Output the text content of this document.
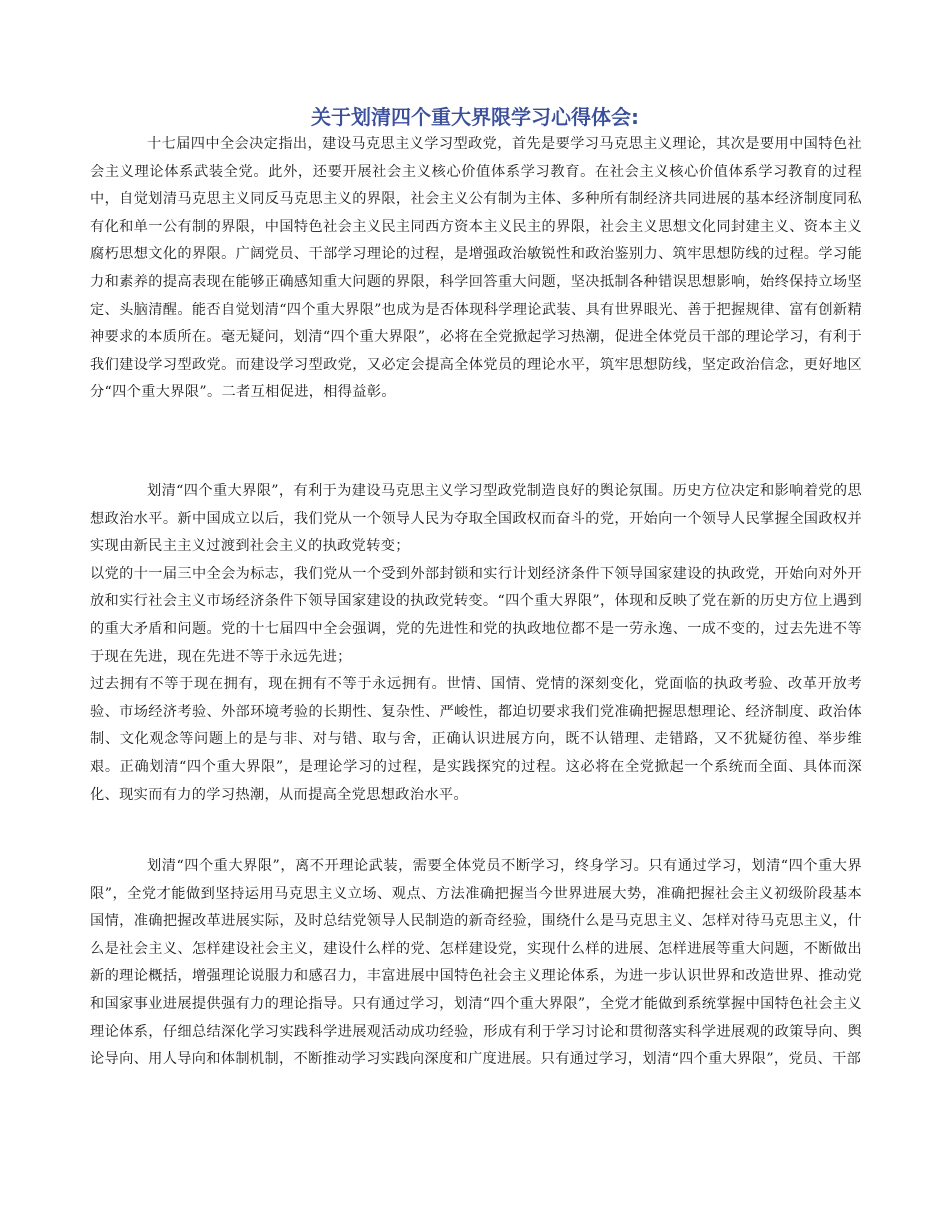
关于划清四个重大界限学习心得体会:

十七届四中全会决定指出，建设马克思主义学习型政党，首先是要学习马克思主义理论，其次是要用中国特色社会主义理论体系武装全党。此外，还要开展社会主义核心价值体系学习教育。在社会主义核心价值体系学习教育的过程中，自觉划清马克思主义同反马克思主义的界限，社会主义公有制为主体、多种所有制经济共同进展的基本经济制度同私有化和单一公有制的界限，中国特色社会主义民主同西方资本主义民主的界限，社会主义思想文化同封建主义、资本主义腐朽思想文化的界限。广阔党员、干部学习理论的过程，是增强政治敏锐性和政治鉴别力、筑牢思想防线的过程。学习能力和素养的提高表现在能够正确感知重大问题的界限，科学回答重大问题，坚决抵制各种错误思想影响，始终保持立场坚定、头脑清醒。能否自觉划清“四个重大界限”也成为是否体现科学理论武装、具有世界眼光、善于把握规律、富有创新精神要求的本质所在。毫无疑问，划清“四个重大界限”，必将在全党掀起学习热潮，促进全体党员干部的理论学习，有利于我们建设学习型政党。而建设学习型政党，又必定会提高全体党员的理论水平，筑牢思想防线，坚定政治信念，更好地区分“四个重大界限”。二者互相促进，相得益彰。

划清“四个重大界限”，有利于为建设马克思主义学习型政党制造良好的舆论氛围。历史方位决定和影响着党的思想政治水平。新中国成立以后，我们党从一个领导人民为夺取全国政权而奋斗的党，开始向一个领导人民掌握全国政权并实现由新民主主义过渡到社会主义的执政党转变；
以党的十一届三中全会为标志，我们党从一个受到外部封锁和实行计划经济条件下领导国家建设的执政党，开始向对外开放和实行社会主义市场经济条件下领导国家建设的执政党转变。“四个重大界限”，体现和反映了党在新的历史方位上遇到的重大矛盾和问题。党的十七届四中全会强调，党的先进性和党的执政地位都不是一劳永逸、一成不变的，过去先进不等于现在先进，现在先进不等于永远先进；
过去拥有不等于现在拥有，现在拥有不等于永远拥有。世情、国情、党情的深刻变化，党面临的执政考验、改革开放考验、市场经济考验、外部环境考验的长期性、复杂性、严峻性，都迫切要求我们党准确把握思想理论、经济制度、政治体制、文化观念等问题上的是与非、对与错、取与舍，正确认识进展方向，既不认错理、走错路，又不犹疑彷徨、举步维艰。正确划清“四个重大界限”，是理论学习的过程，是实践探究的过程。这必将在全党掀起一个系统而全面、具体而深化、现实而有力的学习热潮，从而提高全党思想政治水平。

划清“四个重大界限”，离不开理论武装，需要全体党员不断学习，终身学习。只有通过学习，划清“四个重大界限”，全党才能做到坚持运用马克思主义立场、观点、方法准确把握当今世界进展大势，准确把握社会主义初级阶段基本国情，准确把握改革进展实际，及时总结党领导人民制造的新奇经验，围绕什么是马克思主义、怎样对待马克思主义，什么是社会主义、怎样建设社会主义，建设什么样的党、怎样建设党，实现什么样的进展、怎样进展等重大问题，不断做出新的理论概括，增强理论说服力和感召力，丰富进展中国特色社会主义理论体系，为进一步认识世界和改造世界、推动党和国家事业进展提供强有力的理论指导。只有通过学习，划清“四个重大界限”，全党才能做到系统掌握中国特色社会主义理论体系，仔细总结深化学习实践科学进展观活动成功经验，形成有利于学习讨论和贯彻落实科学进展观的政策导向、舆论导向、用人导向和体制机制，不断推动学习实践向深度和广度进展。只有通过学习，划清“四个重大界限”，党员、干部
